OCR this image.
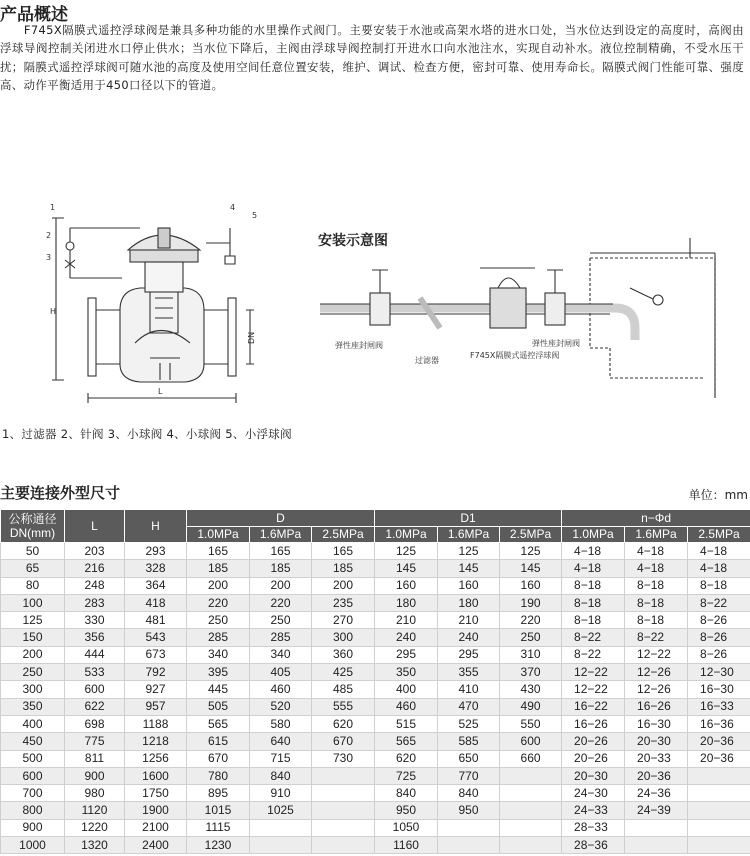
产品概述
　　F745X隔膜式遥控浮球阀是兼具多种功能的水里操作式阀门。主要安装于水池或高架水塔的进水口处，当水位达到设定的高度时，高阀由浮球导阀控制关闭进水口停止供水；当水位下降后，主阀由浮球导阀控制打开进水口向水池注水，实现自动补水。液位控制精确，不受水压干扰；隔膜式遥控浮球阀可随水池的高度及使用空间任意位置安装，维护、调试、检查方便，密封可靠、使用寿命长。隔膜式阀门性能可靠、强度高、动作平衡适用于450口径以下的管道。
1
2
3
4
5
H
L
DN
安装示意图
弹性座封闸阀
过滤器
F745X隔膜式遥控浮球阀
弹性座封闸阀
1、过滤器 2、针阀 3、小球阀 4、小球阀 5、小浮球阀
主要连接外型尺寸	单位：mm
公称通径
DN(mm)	L	H	D			D1			n−Φd		
			1.0MPa	1.6MPa	2.5MPa	1.0MPa	1.6MPa	2.5MPa	1.0MPa	1.6MPa	2.5MPa
50	203	293	165	165	165	125	125	125	4−18	4−18	4−18
65	216	328	185	185	185	145	145	145	4−18	4−18	4−18
80	248	364	200	200	200	160	160	160	8−18	8−18	8−18
100	283	418	220	220	235	180	180	190	8−18	8−18	8−22
125	330	481	250	250	270	210	210	220	8−18	8−18	8−26
150	356	543	285	285	300	240	240	250	8−22	8−22	8−26
200	444	673	340	340	360	295	295	310	8−22	12−22	8−26
250	533	792	395	405	425	350	355	370	12−22	12−26	12−30
300	600	927	445	460	485	400	410	430	12−22	12−26	16−30
350	622	957	505	520	555	460	470	490	16−22	16−26	16−33
400	698	1188	565	580	620	515	525	550	16−26	16−30	16−36
450	775	1218	615	640	670	565	585	600	20−26	20−30	20−36
500	811	1256	670	715	730	620	650	660	20−26	20−33	20−36
600	900	1600	780	840		725	770		20−30	20−36	
700	980	1750	895	910		840	840		24−30	24−36	
800	1120	1900	1015	1025		950	950		24−33	24−39	
900	1220	2100	1115			1050			28−33		
1000	1320	2400	1230			1160			28−36		
